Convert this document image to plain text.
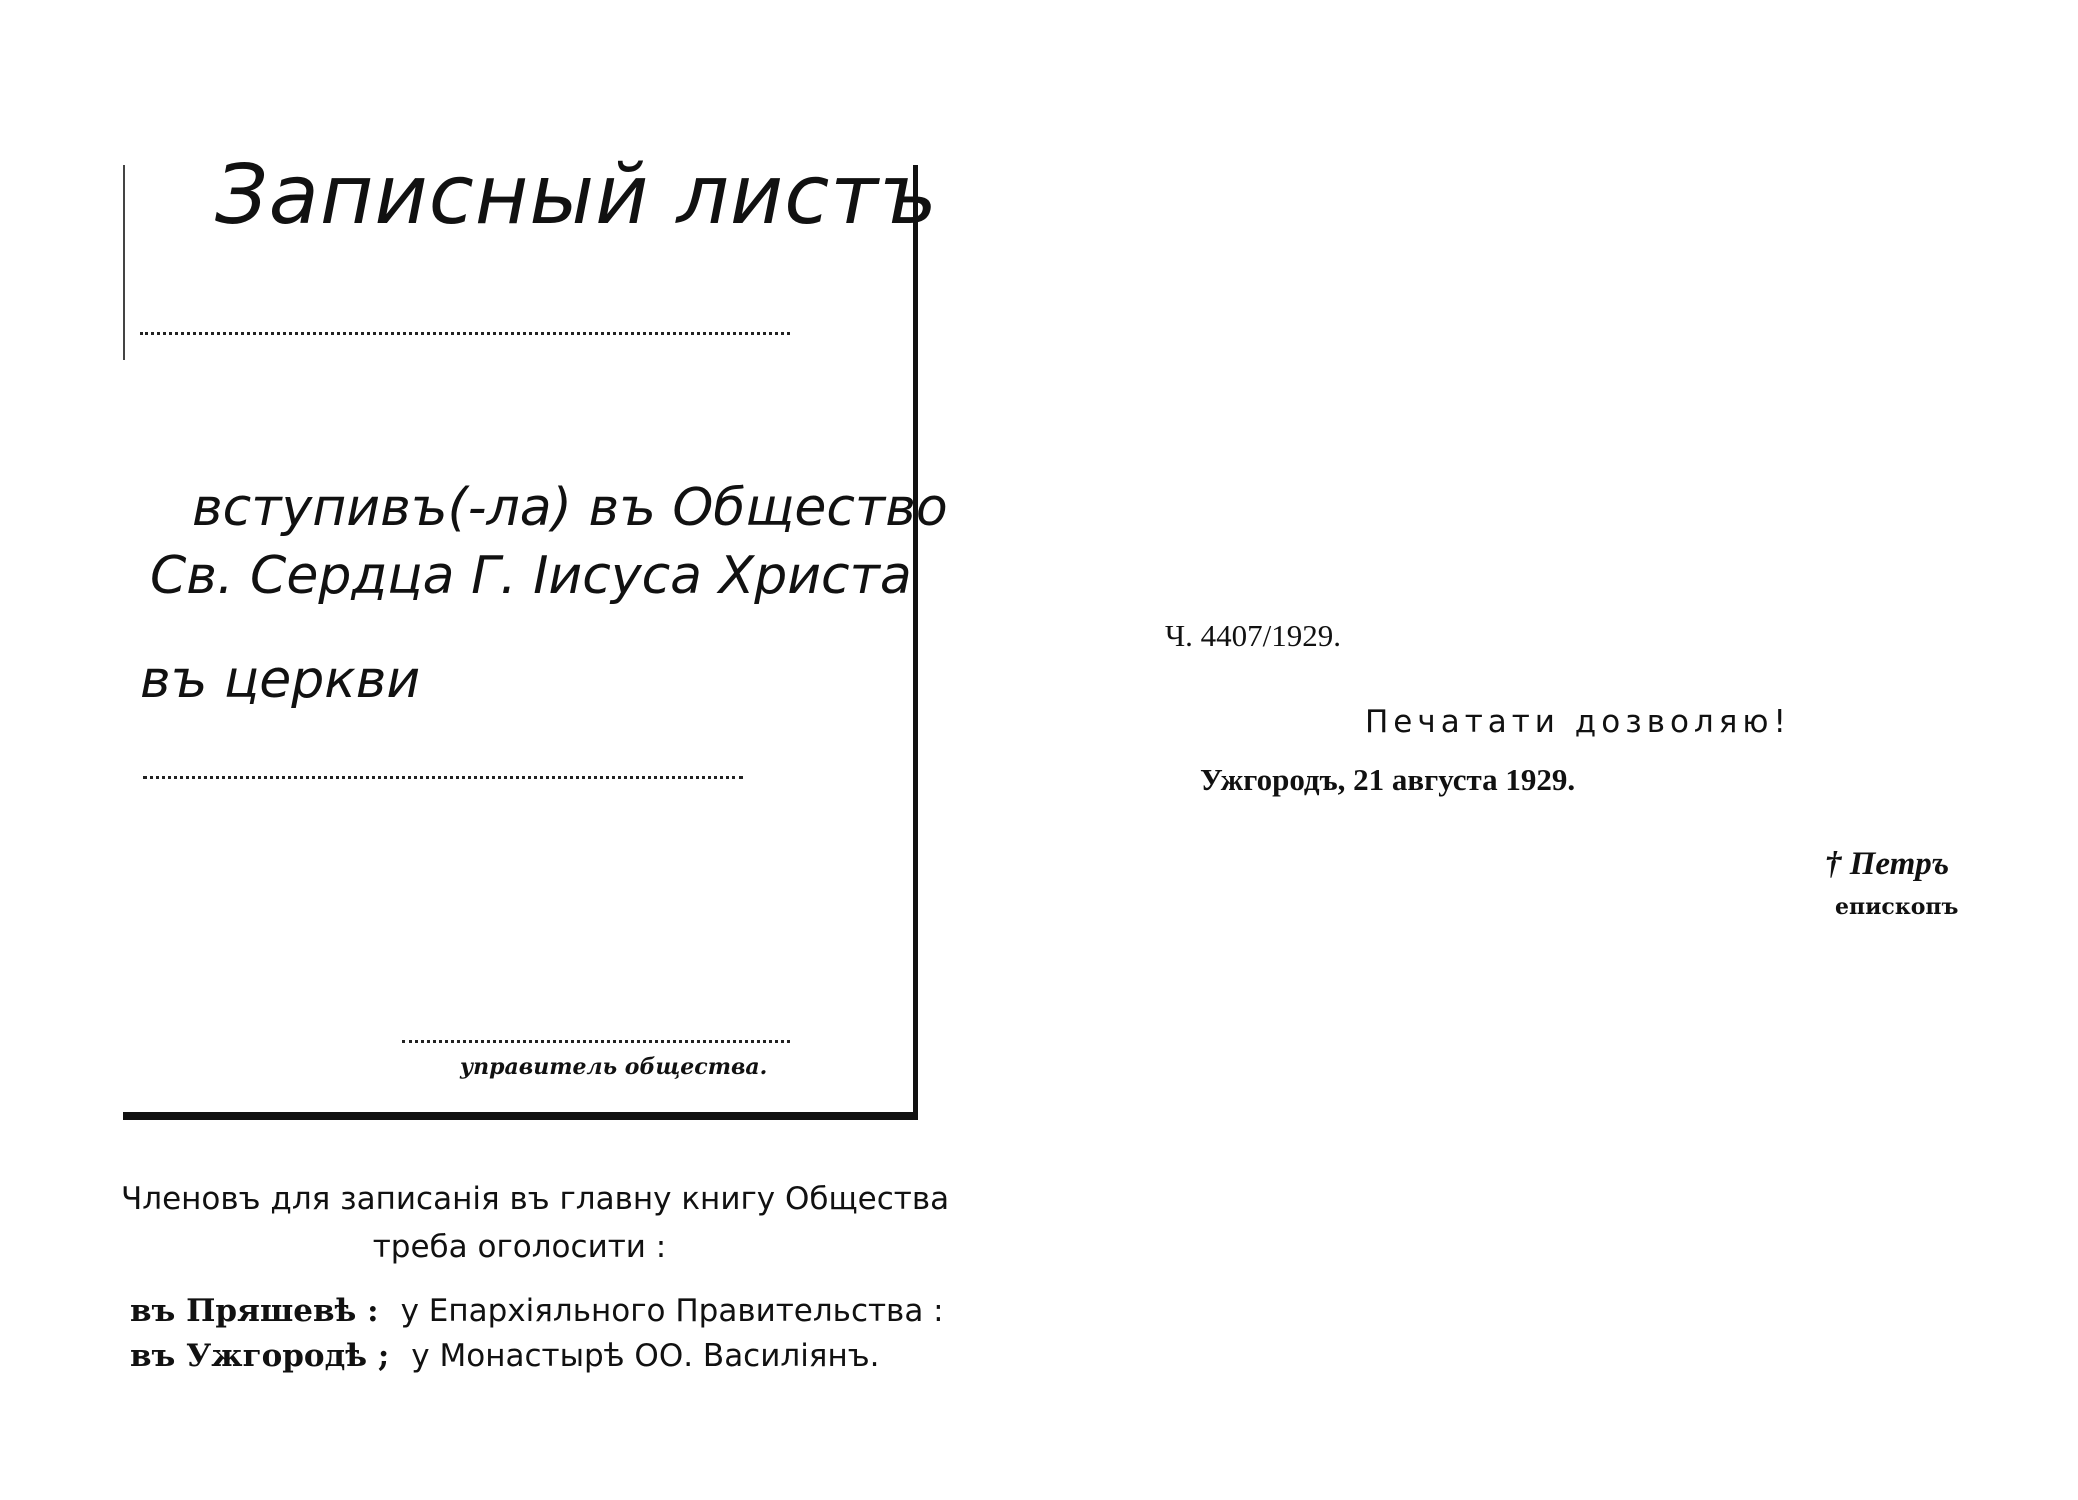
Записный листъ
вступивъ(-ла) въ Общество
Св. Сердца Г. Іисуса Христа
въ церкви
управитель общества.
Членовъ для записанія въ главну книгу Общества
треба оголосити :
въ Пряшевѣ : у Епархіяльного Правительства :
въ Ужгородѣ ; у Монастырѣ ОО. Василіянъ.
Ч. 4407/1929.
Печатати дозволяю!
Ужгородъ, 21 августа 1929.
† Петръ
епископъ
